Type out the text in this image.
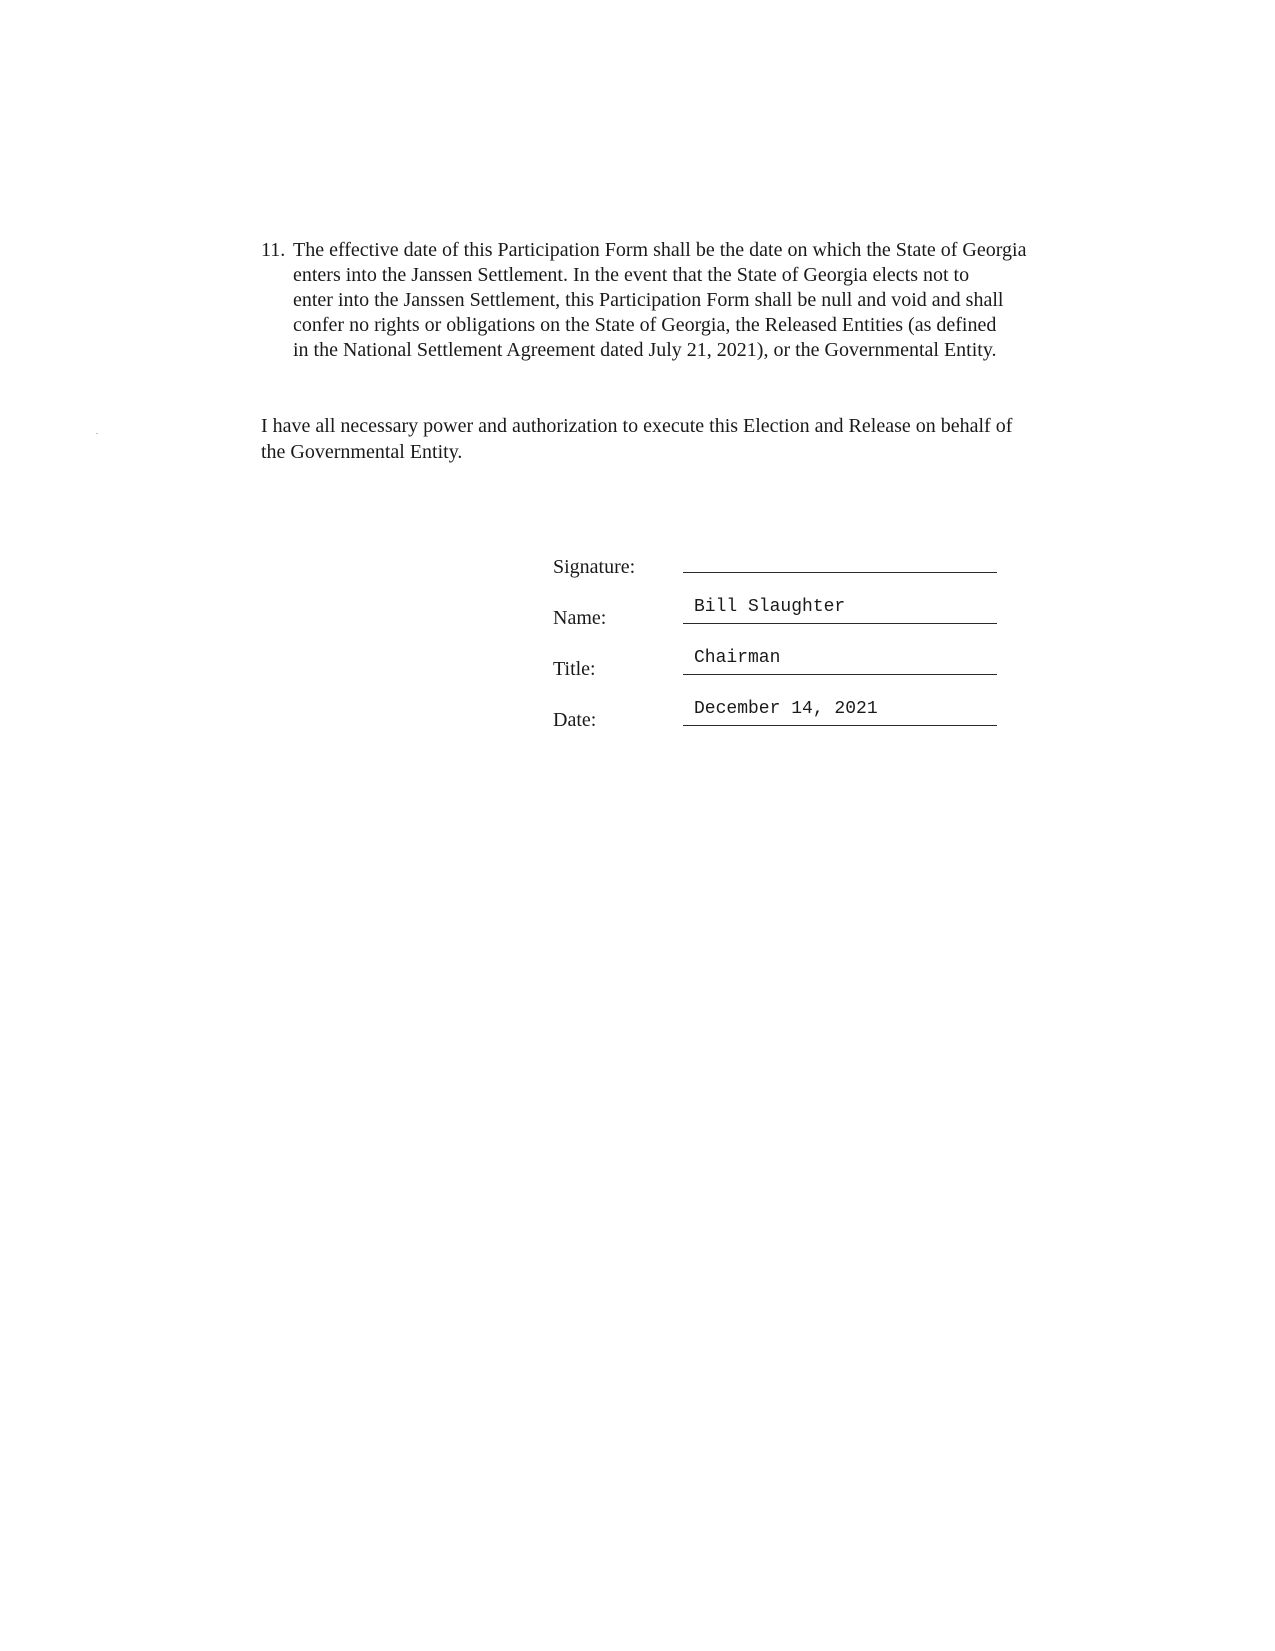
11. The effective date of this Participation Form shall be the date on which the State of Georgia
enters into the Janssen Settlement. In the event that the State of Georgia elects not to
enter into the Janssen Settlement, this Participation Form shall be null and void and shall
confer no rights or obligations on the State of Georgia, the Released Entities (as defined
in the National Settlement Agreement dated July 21, 2021), or the Governmental Entity.
I have all necessary power and authorization to execute this Election and Release on behalf of
the Governmental Entity.
Signature:
Name:	Bill Slaughter
Title:	Chairman
Date:	December 14, 2021
